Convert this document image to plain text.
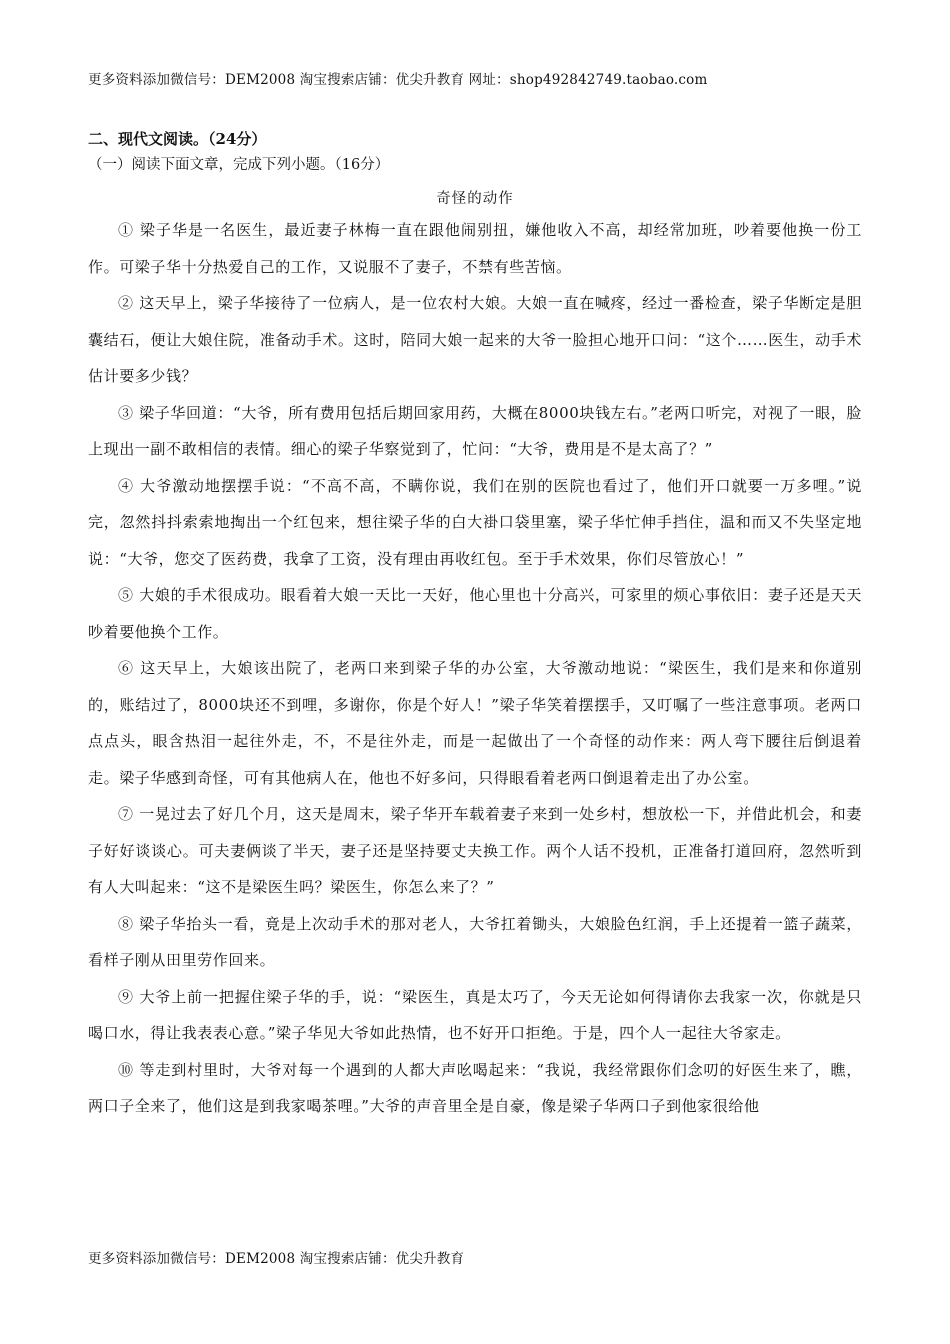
更多资料添加微信号：DEM2008 淘宝搜索店铺：优尖升教育 网址：shop492842749.taobao.com
二、现代文阅读。（24分）
（一）阅读下面文章，完成下列小题。（16分）
奇怪的动作

① 梁子华是一名医生，最近妻子林梅一直在跟他闹别扭，嫌他收入不高，却经常加班，吵着要他换一份工作。可梁子华十分热爱自己的工作，又说服不了妻子，不禁有些苦恼。

② 这天早上，梁子华接待了一位病人，是一位农村大娘。大娘一直在喊疼，经过一番检查，梁子华断定是胆囊结石，便让大娘住院，准备动手术。这时，陪同大娘一起来的大爷一脸担心地开口问：“这个……医生，动手术估计要多少钱？

③ 梁子华回道：“大爷，所有费用包括后期回家用药，大概在8000块钱左右。”老两口听完，对视了一眼，脸上现出一副不敢相信的表情。细心的梁子华察觉到了，忙问：“大爷，费用是不是太高了？”

④ 大爷激动地摆摆手说：“不高不高，不瞒你说，我们在别的医院也看过了，他们开口就要一万多哩。”说完，忽然抖抖索索地掏出一个红包来，想往梁子华的白大褂口袋里塞，梁子华忙伸手挡住，温和而又不失坚定地说：“大爷，您交了医药费，我拿了工资，没有理由再收红包。至于手术效果，你们尽管放心！”

⑤ 大娘的手术很成功。眼看着大娘一天比一天好，他心里也十分高兴，可家里的烦心事依旧：妻子还是天天吵着要他换个工作。

⑥ 这天早上，大娘该出院了，老两口来到梁子华的办公室，大爷激动地说：“梁医生，我们是来和你道别的，账结过了，8000块还不到哩，多谢你，你是个好人！”梁子华笑着摆摆手，又叮嘱了一些注意事项。老两口点点头，眼含热泪一起往外走，不，不是往外走，而是一起做出了一个奇怪的动作来：两人弯下腰往后倒退着走。梁子华感到奇怪，可有其他病人在，他也不好多问，只得眼看着老两口倒退着走出了办公室。

⑦ 一晃过去了好几个月，这天是周末，梁子华开车载着妻子来到一处乡村，想放松一下，并借此机会，和妻子好好谈谈心。可夫妻俩谈了半天，妻子还是坚持要丈夫换工作。两个人话不投机，正准备打道回府，忽然听到有人大叫起来：“这不是梁医生吗？梁医生，你怎么来了？”

⑧ 梁子华抬头一看，竟是上次动手术的那对老人，大爷扛着锄头，大娘脸色红润，手上还提着一篮子蔬菜，看样子刚从田里劳作回来。

⑨ 大爷上前一把握住梁子华的手，说：“梁医生，真是太巧了，今天无论如何得请你去我家一次，你就是只喝口水，得让我表表心意。”梁子华见大爷如此热情，也不好开口拒绝。于是，四个人一起往大爷家走。

⑩ 等走到村里时，大爷对每一个遇到的人都大声吆喝起来：“我说，我经常跟你们念叨的好医生来了，瞧，两口子全来了，他们这是到我家喝茶哩。”大爷的声音里全是自豪，像是梁子华两口子到他家很给他

更多资料添加微信号：DEM2008 淘宝搜索店铺：优尖升教育
